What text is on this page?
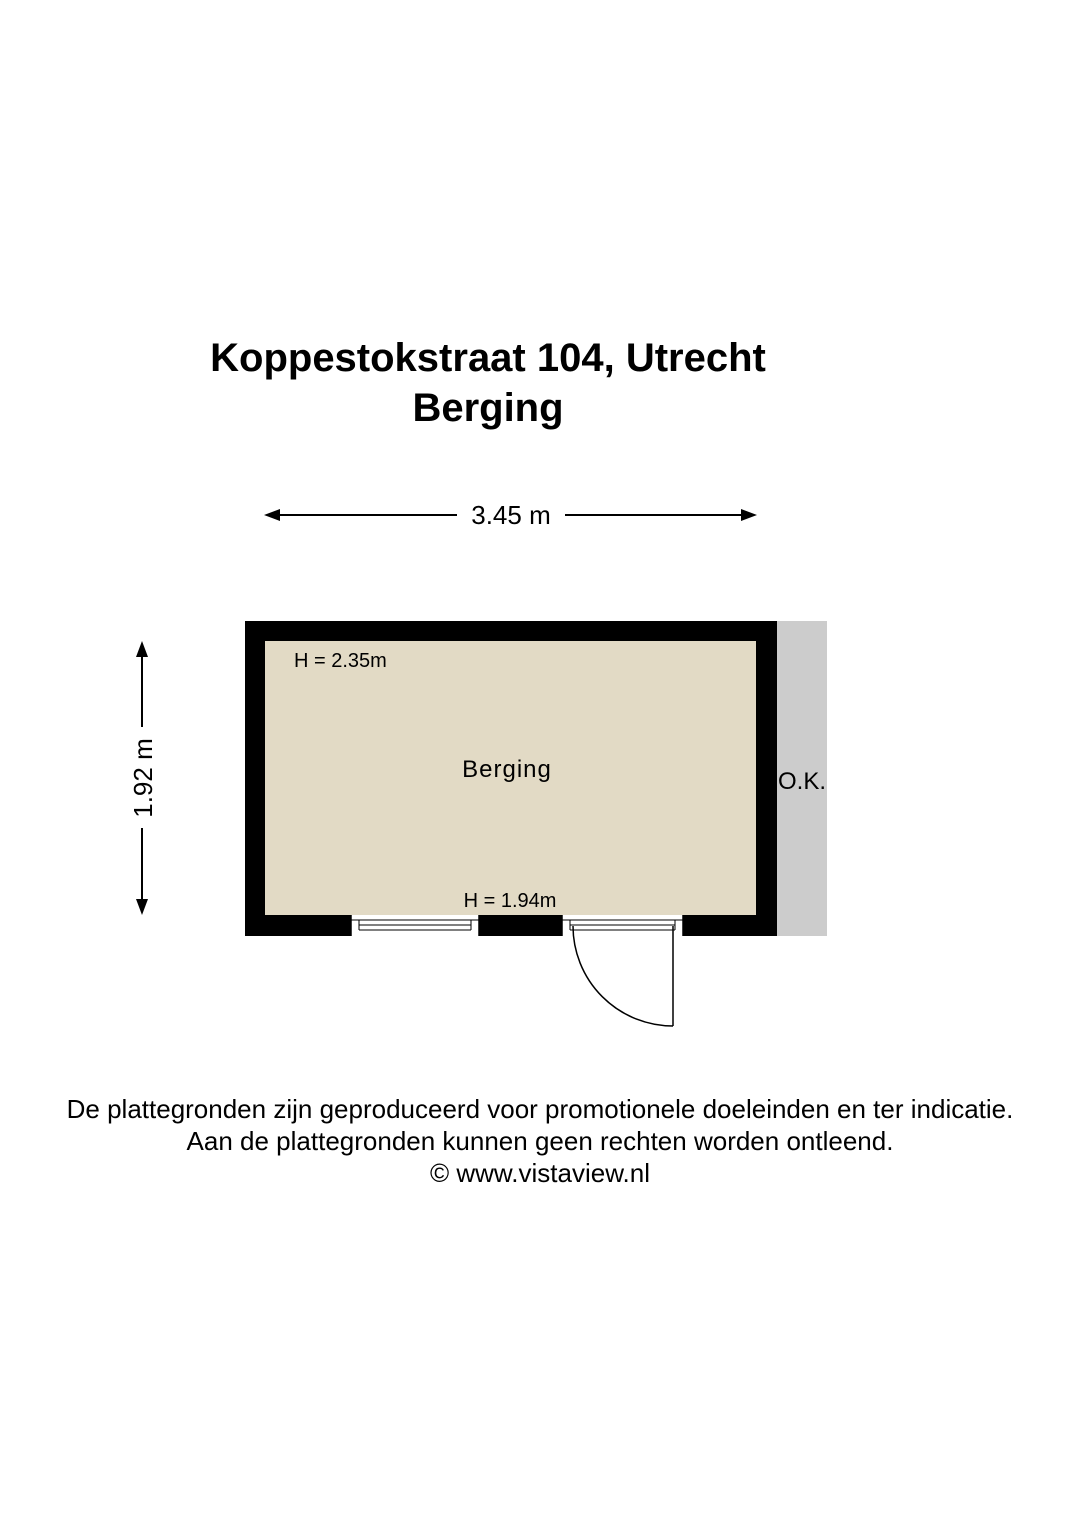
Koppestokstraat 104, Utrecht
Berging
3.45 m
1.92 m
H = 2.35m
Berging
H = 1.94m
O.K.
De plattegronden zijn geproduceerd voor promotionele doeleinden en ter indicatie.
Aan de plattegronden kunnen geen rechten worden ontleend.
© www.vistaview.nl
